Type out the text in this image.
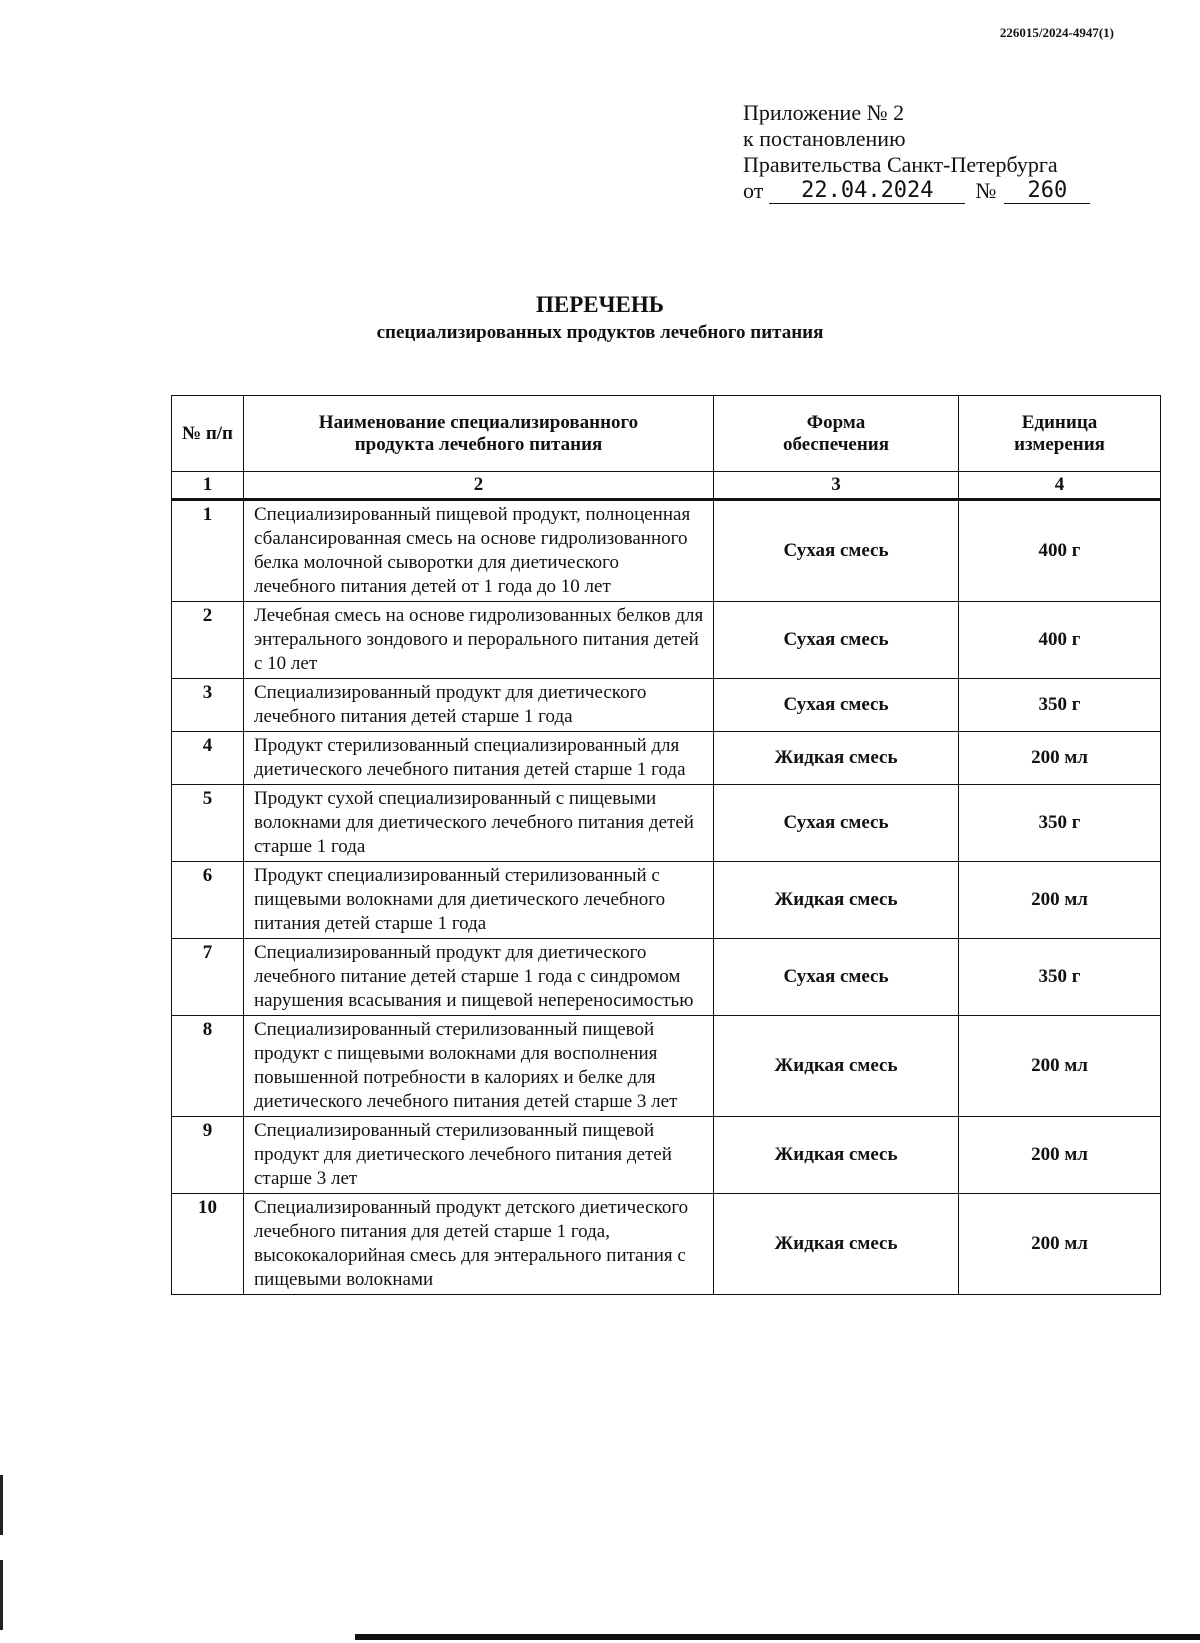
226015/2024-4947(1)
Приложение № 2
к постановлению
Правительства Санкт-Петербурга
от	22.04.2024	№	260
ПЕРЕЧЕНЬ
специализированных продуктов лечебного питания
№ п/п	Наименование специализированного продукта лечебного питания	Форма обеспечения	Единица измерения
1	2	3	4
1	Специализированный пищевой продукт, полноценная сбалансированная смесь на основе гидролизованного белка молочной сыворотки для диетического лечебного питания детей от 1 года до 10 лет	Сухая смесь	400 г
2	Лечебная смесь на основе гидролизованных белков для энтерального зондового и перорального питания детей с 10 лет	Сухая смесь	400 г
3	Специализированный продукт для диетического лечебного питания детей старше 1 года	Сухая смесь	350 г
4	Продукт стерилизованный специализированный для диетического лечебного питания детей старше 1 года	Жидкая смесь	200 мл
5	Продукт сухой специализированный с пищевыми волокнами для диетического лечебного питания детей старше 1 года	Сухая смесь	350 г
6	Продукт специализированный стерилизованный с пищевыми волокнами для диетического лечебного питания детей старше 1 года	Жидкая смесь	200 мл
7	Специализированный продукт для диетического лечебного питание детей старше 1 года с синдромом нарушения всасывания и пищевой непереносимостью	Сухая смесь	350 г
8	Специализированный стерилизованный пищевой продукт с пищевыми волокнами для восполнения повышенной потребности в калориях и белке для диетического лечебного питания детей старше 3 лет	Жидкая смесь	200 мл
9	Специализированный стерилизованный пищевой продукт для диетического лечебного питания детей старше 3 лет	Жидкая смесь	200 мл
10	Специализированный продукт детского диетического лечебного питания для детей старше 1 года, высококалорийная смесь для энтерального питания с пищевыми волокнами	Жидкая смесь	200 мл
